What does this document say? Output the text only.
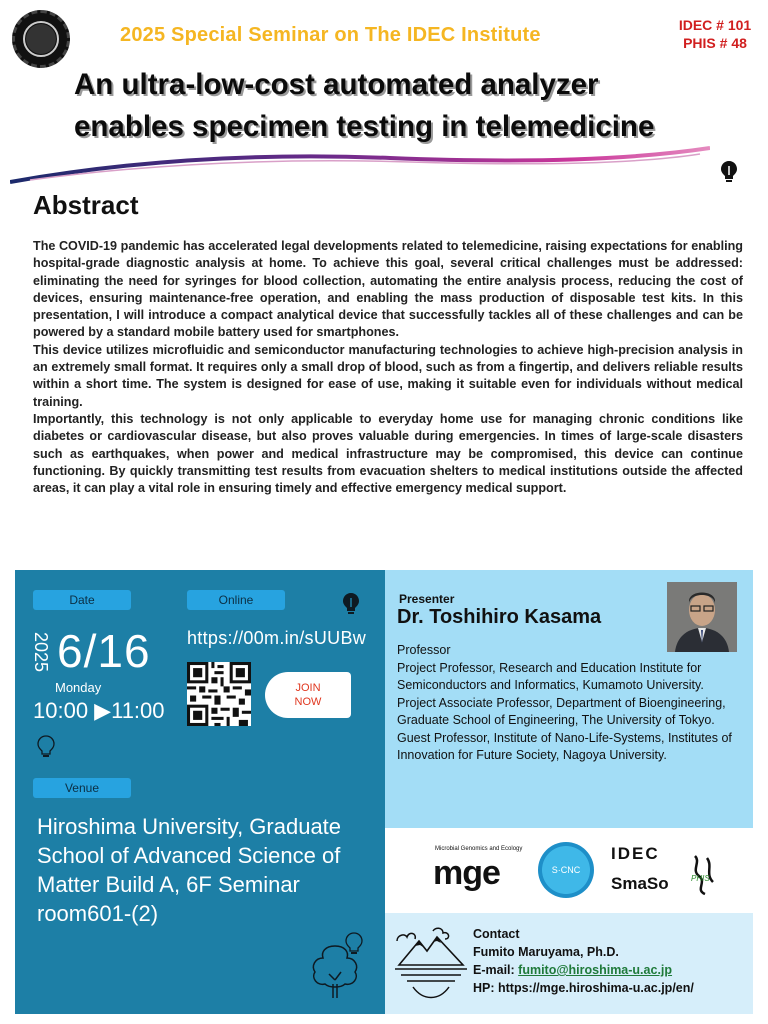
2025 Special Seminar on The IDEC Institute	IDEC # 101
PHIS # 48
An ultra-low-cost automated analyzer
enables specimen testing in telemedicine
Abstract

The COVID-19 pandemic has accelerated legal developments related to telemedicine, raising expectations for enabling hospital-grade diagnostic analysis at home. To achieve this goal, several critical challenges must be addressed: eliminating the need for syringes for blood collection, automating the entire analysis process, reducing the cost of devices, ensuring maintenance-free operation, and enabling the mass production of disposable test kits. In this presentation, I will introduce a compact analytical device that successfully tackles all of these challenges and can be powered by a standard mobile battery used for smartphones.

This device utilizes microfluidic and semiconductor manufacturing technologies to achieve high-precision analysis in an extremely small format. It requires only a small drop of blood, such as from a fingertip, and delivers reliable results within a short time. The system is designed for ease of use, making it suitable even for individuals without medical training.

Importantly, this technology is not only applicable to everyday home use for managing chronic conditions like diabetes or cardiovascular disease, but also proves valuable during emergencies. In times of large-scale disasters such as earthquakes, when power and medical infrastructure may be compromised, this device can continue functioning. By quickly transmitting test results from evacuation shelters to medical institutions outside the affected areas, it can play a vital role in ensuring timely and effective emergency medical support.

Date	Online
2025 6/16
Monday
10:00 ▶11:00
https://00m.in/sUUBw
JOIN
NOW
Venue
Hiroshima University, Graduate School of Advanced Science of Matter Build A, 6F Seminar room601-(2)
Presenter
Dr. Toshihiro Kasama
Professor
Project Professor, Research and Education Institute for Semiconductors and Informatics, Kumamoto University.
Project Associate Professor, Department of Bioengineering, Graduate School of Engineering, The University of Tokyo.
Guest Professor, Institute of Nano-Life-Systems, Institutes of Innovation for Future Society, Nagoya University.
Microbial Genomics and Ecology
mge	S·CNC
IDEC
SmaSo	PHIS
Contact
Fumito Maruyama, Ph.D.
E-mail: fumito@hiroshima-u.ac.jp
HP: https://mge.hiroshima-u.ac.jp/en/
